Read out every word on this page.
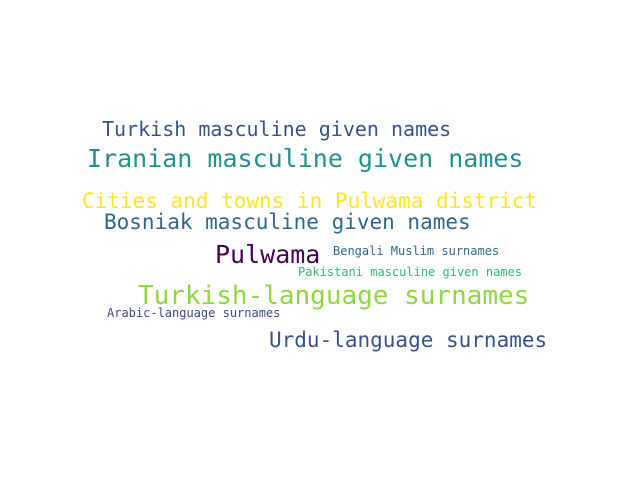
Turkish masculine given names
Iranian masculine given names
Cities and towns in Pulwama district
Bosniak masculine given names
Pulwama Bengali Muslim surnames
Pakistani masculine given names
Turkish-language surnames
Arabic-language surnames
Urdu-language surnames
